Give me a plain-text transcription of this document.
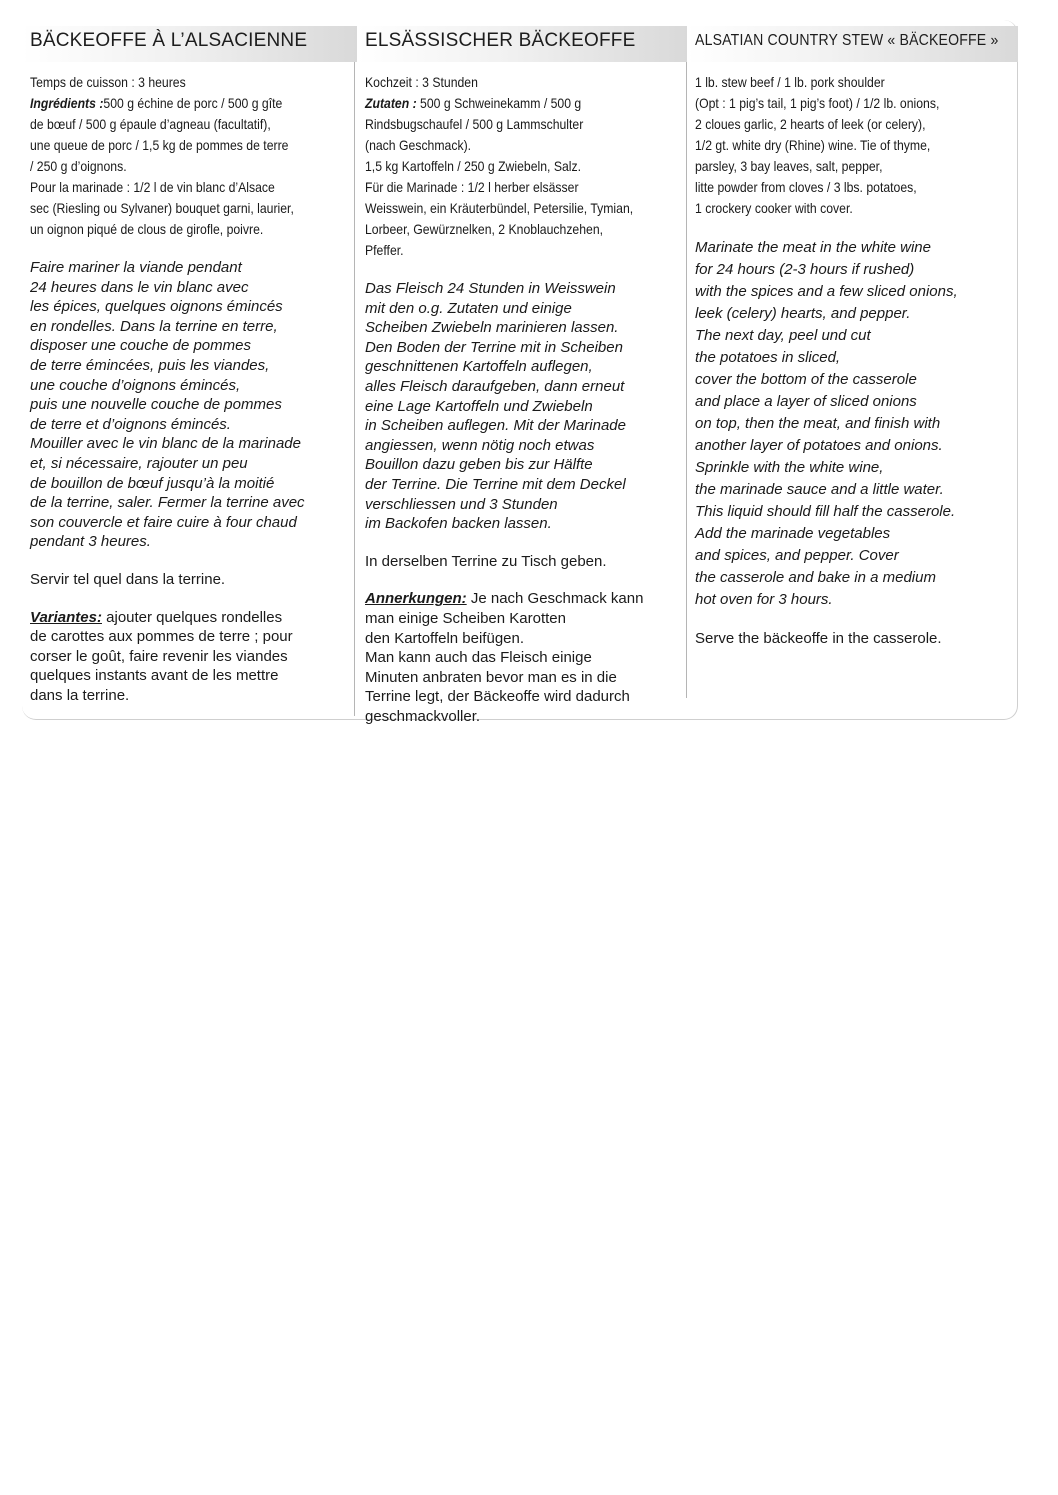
BÄCKEOFFE À L’ALSACIENNE
Temps de cuisson : 3 heures
Ingrédients :500 g échine de porc / 500 g gîte
de bœuf / 500 g épaule d’agneau (facultatif),
une queue de porc / 1,5 kg de pommes de terre
/ 250 g d’oignons.
Pour la marinade : 1/2 l de vin blanc d’Alsace
sec (Riesling ou Sylvaner) bouquet garni, laurier,
un oignon piqué de clous de girofle, poivre.
Faire mariner la viande pendant
24 heures dans le vin blanc avec
les épices, quelques oignons émincés
en rondelles. Dans la terrine en terre,
disposer une couche de pommes
de terre émincées, puis les viandes,
une couche d’oignons émincés,
puis une nouvelle couche de pommes
de terre et d’oignons émincés.
Mouiller avec le vin blanc de la marinade
et, si nécessaire, rajouter un peu
de bouillon de bœuf jusqu’à la moitié
de la terrine, saler. Fermer la terrine avec
son couvercle et faire cuire à four chaud
pendant 3 heures.
Servir tel quel dans la terrine.
Variantes: ajouter quelques rondelles
de carottes aux pommes de terre ; pour
corser le goût, faire revenir les viandes
quelques instants avant de les mettre
dans la terrine.
ELSÄSSISCHER BÄCKEOFFE
Kochzeit : 3 Stunden
Zutaten : 500 g Schweinekamm / 500 g
Rindsbugschaufel / 500 g Lammschulter
(nach Geschmack).
1,5 kg Kartoffeln / 250 g Zwiebeln, Salz.
Für die Marinade : 1/2 l herber elsässer
Weisswein, ein Kräuterbündel, Petersilie, Tymian,
Lorbeer, Gewürznelken, 2 Knoblauchzehen,
Pfeffer.
Das Fleisch 24 Stunden in Weisswein
mit den o.g. Zutaten und einige
Scheiben Zwiebeln marinieren lassen.
Den Boden der Terrine mit in Scheiben
geschnittenen Kartoffeln auflegen,
alles Fleisch daraufgeben, dann erneut
eine Lage Kartoffeln und Zwiebeln
in Scheiben auflegen. Mit der Marinade
angiessen, wenn nötig noch etwas
Bouillon dazu geben bis zur Hälfte
der Terrine. Die Terrine mit dem Deckel
verschliessen und 3 Stunden
im Backofen backen lassen.
In derselben Terrine zu Tisch geben.
Annerkungen: Je nach Geschmack kann
man einige Scheiben Karotten
den Kartoffeln beifügen.
Man kann auch das Fleisch einige
Minuten anbraten bevor man es in die
Terrine legt, der Bäckeoffe wird dadurch
geschmackvoller.
ALSATIAN COUNTRY STEW « BÄCKEOFFE »
1 lb. stew beef / 1 lb. pork shoulder
(Opt : 1 pig’s tail, 1 pig’s foot) / 1/2 lb. onions,
2 cloues garlic, 2 hearts of leek (or celery),
1/2 gt. white dry (Rhine) wine. Tie of thyme,
parsley, 3 bay leaves, salt, pepper,
litte powder from cloves / 3 lbs. potatoes,
1 crockery cooker with cover.
Marinate the meat in the white wine
for 24 hours (2-3 hours if rushed)
with the spices and a few sliced onions,
leek (celery) hearts, and pepper.
The next day, peel und cut
the potatoes in sliced,
cover the bottom of the casserole
and place a layer of sliced onions
on top, then the meat, and finish with
another layer of potatoes and onions.
Sprinkle with the white wine,
the marinade sauce and a little water.
This liquid should fill half the casserole.
Add the marinade vegetables
and spices, and pepper. Cover
the casserole and bake in a medium
hot oven for 3 hours.
Serve the bäckeoffe in the casserole.
